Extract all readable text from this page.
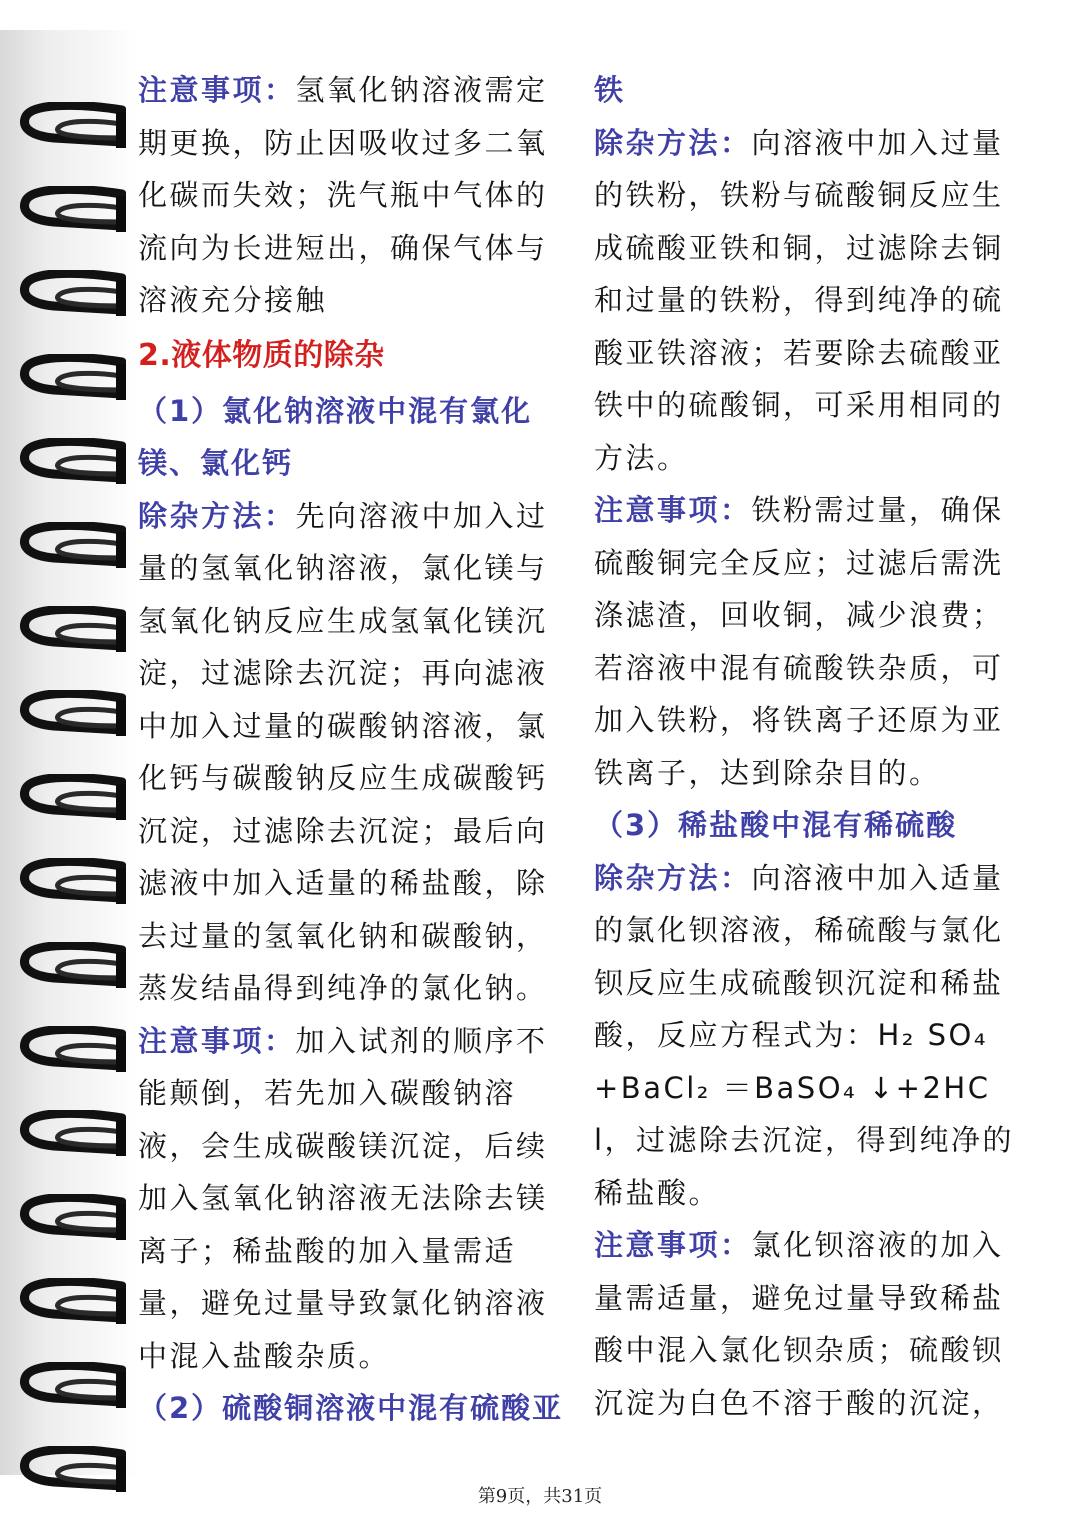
注意事项：氢氧化钠溶液需定期更换，防止因吸收过多二氧化碳而失效；洗气瓶中气体的流向为长进短出，确保气体与溶液充分接触

2.液体物质的除杂

（1）氯化钠溶液中混有氯化镁、氯化钙

除杂方法：先向溶液中加入过量的氢氧化钠溶液，氯化镁与氢氧化钠反应生成氢氧化镁沉淀，过滤除去沉淀；再向滤液中加入过量的碳酸钠溶液，氯化钙与碳酸钠反应生成碳酸钙沉淀，过滤除去沉淀；最后向滤液中加入适量的稀盐酸，除去过量的氢氧化钠和碳酸钠，蒸发结晶得到纯净的氯化钠。

注意事项：加入试剂的顺序不能颠倒，若先加入碳酸钠溶液，会生成碳酸镁沉淀，后续加入氢氧化钠溶液无法除去镁离子；稀盐酸的加入量需适量，避免过量导致氯化钠溶液中混入盐酸杂质。

（2）硫酸铜溶液中混有硫酸亚

铁

除杂方法：向溶液中加入过量的铁粉，铁粉与硫酸铜反应生成硫酸亚铁和铜，过滤除去铜和过量的铁粉，得到纯净的硫酸亚铁溶液；若要除去硫酸亚铁中的硫酸铜，可采用相同的方法。

注意事项：铁粉需过量，确保硫酸铜完全反应；过滤后需洗涤滤渣，回收铜，减少浪费；若溶液中混有硫酸铁杂质，可加入铁粉，将铁离子还原为亚铁离子，达到除杂目的。

（3）稀盐酸中混有稀硫酸

除杂方法：向溶液中加入适量的氯化钡溶液，稀硫酸与氯化钡反应生成硫酸钡沉淀和稀盐酸，反应方程式为：H₂ SO₄ +BaCl₂ ＝BaSO₄ ↓+2HCl，过滤除去沉淀，得到纯净的稀盐酸。

注意事项：氯化钡溶液的加入量需适量，避免过量导致稀盐酸中混入氯化钡杂质；硫酸钡沉淀为白色不溶于酸的沉淀，

第9页，共31页
